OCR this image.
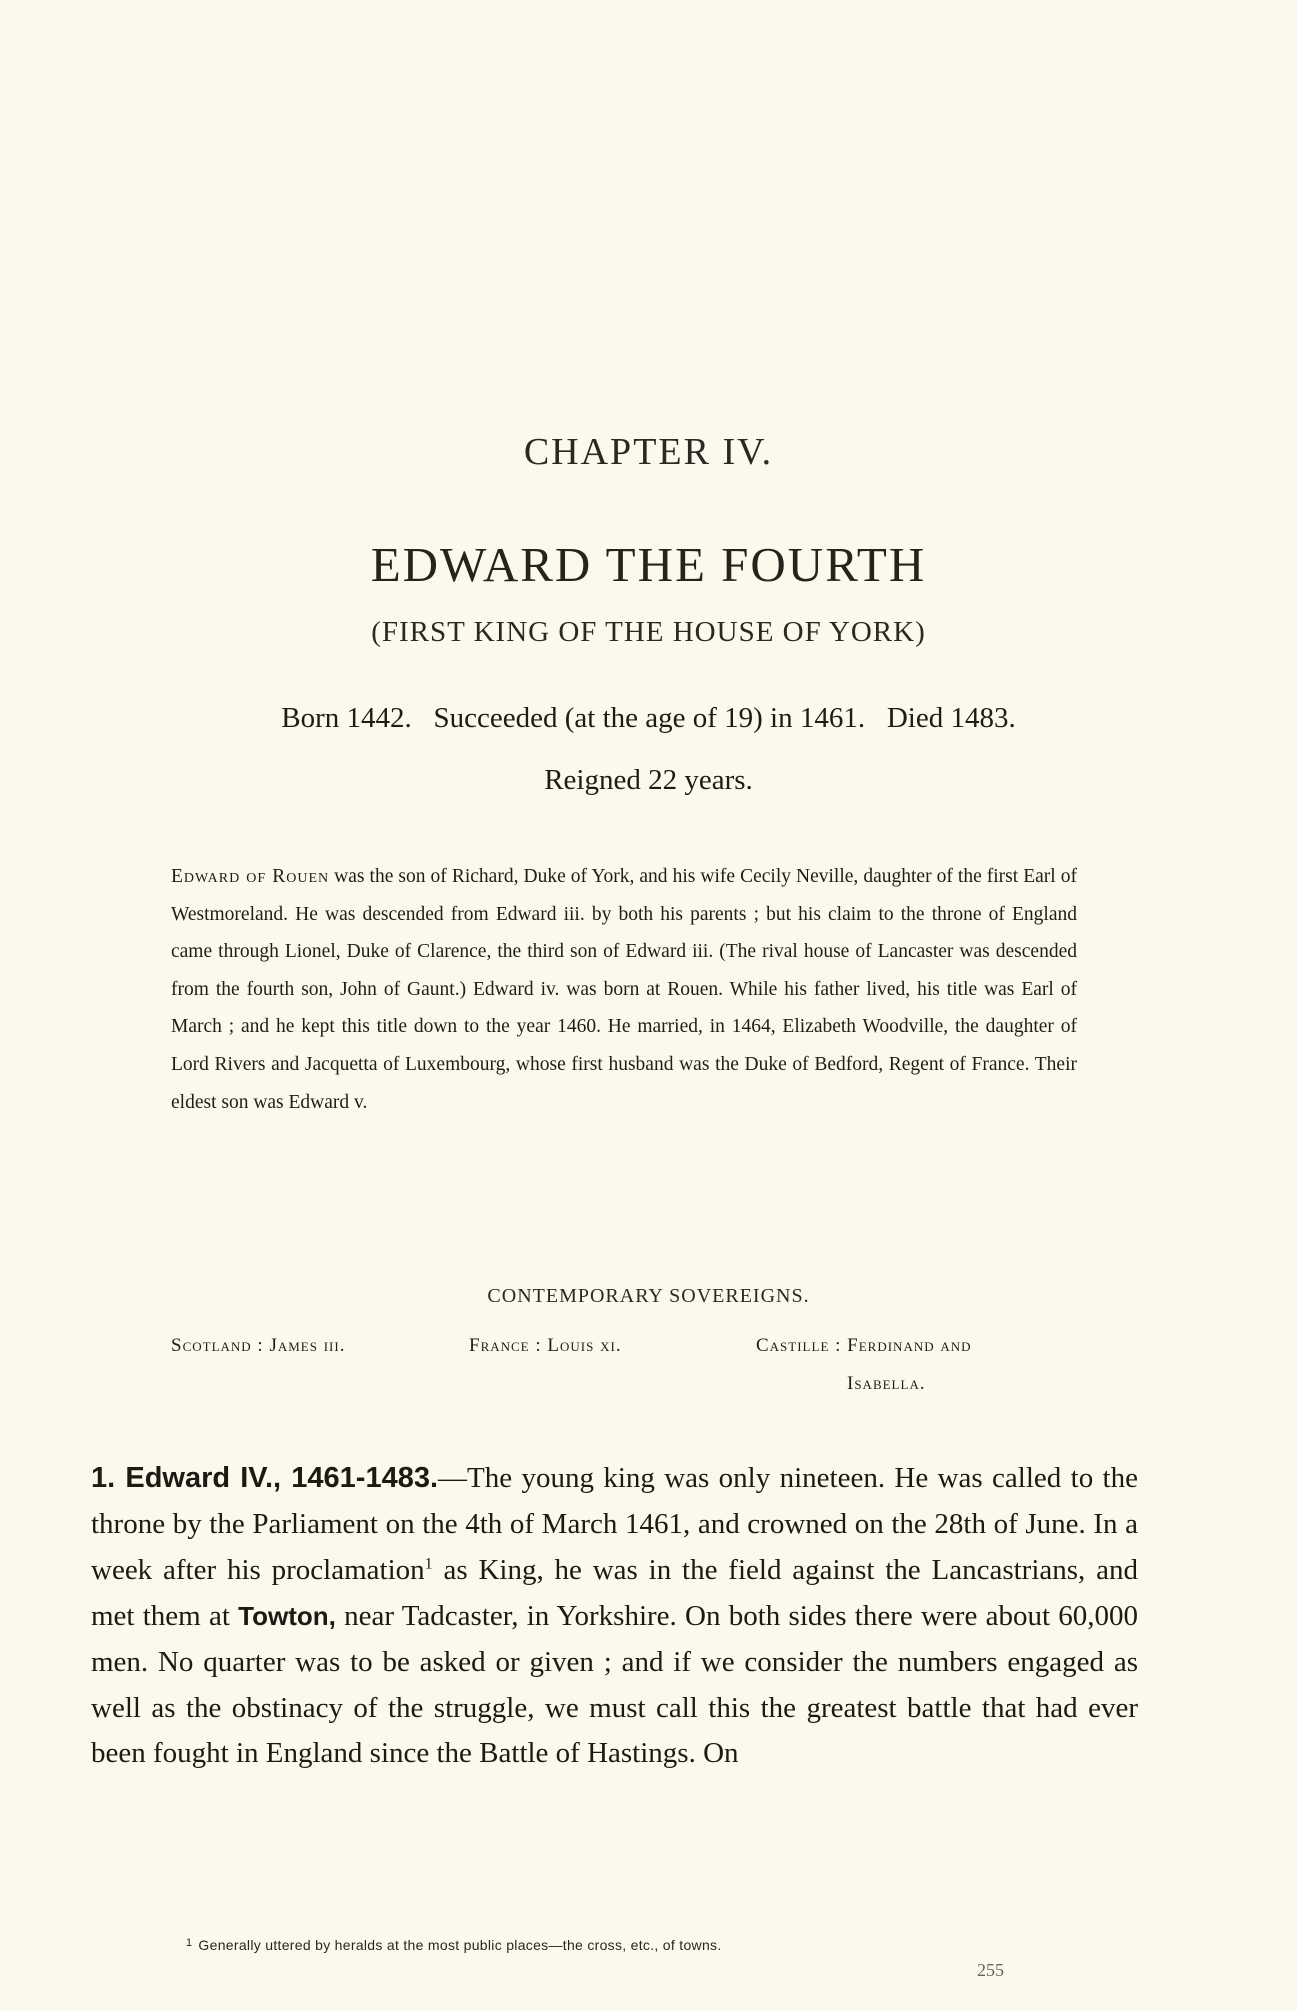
CHAPTER IV.
EDWARD THE FOURTH
(FIRST KING OF THE HOUSE OF YORK)
Born 1442.   Succeeded (at the age of 19) in 1461.   Died 1483.
Reigned 22 years.

Edward of Rouen was the son of Richard, Duke of York, and his wife Cecily Neville, daughter of the first Earl of Westmoreland. He was descended from Edward iii. by both his parents ; but his claim to the throne of England came through Lionel, Duke of Clarence, the third son of Edward iii. (The rival house of Lancaster was descended from the fourth son, John of Gaunt.) Edward iv. was born at Rouen. While his father lived, his title was Earl of March ; and he kept this title down to the year 1460. He married, in 1464, Elizabeth Woodville, the daughter of Lord Rivers and Jacquetta of Luxembourg, whose first husband was the Duke of Bedford, Regent of France. Their eldest son was Edward v.

CONTEMPORARY SOVEREIGNS.
Scotland : James iii.	France : Louis xi.	Castille : Ferdinand and
Isabella.

1. Edward IV., 1461-1483.—The young king was only nineteen. He was called to the throne by the Parliament on the 4th of March 1461, and crowned on the 28th of June. In a week after his proclamation$^1$ as King, he was in the field against the Lancastrians, and met them at Towton, near Tadcaster, in Yorkshire. On both sides there were about 60,000 men. No quarter was to be asked or given ; and if we consider the numbers engaged as well as the obstinacy of the struggle, we must call this the greatest battle that had ever been fought in England since the Battle of Hastings. On

$^1$ Generally uttered by heralds at the most public places—the cross, etc., of towns.
255
